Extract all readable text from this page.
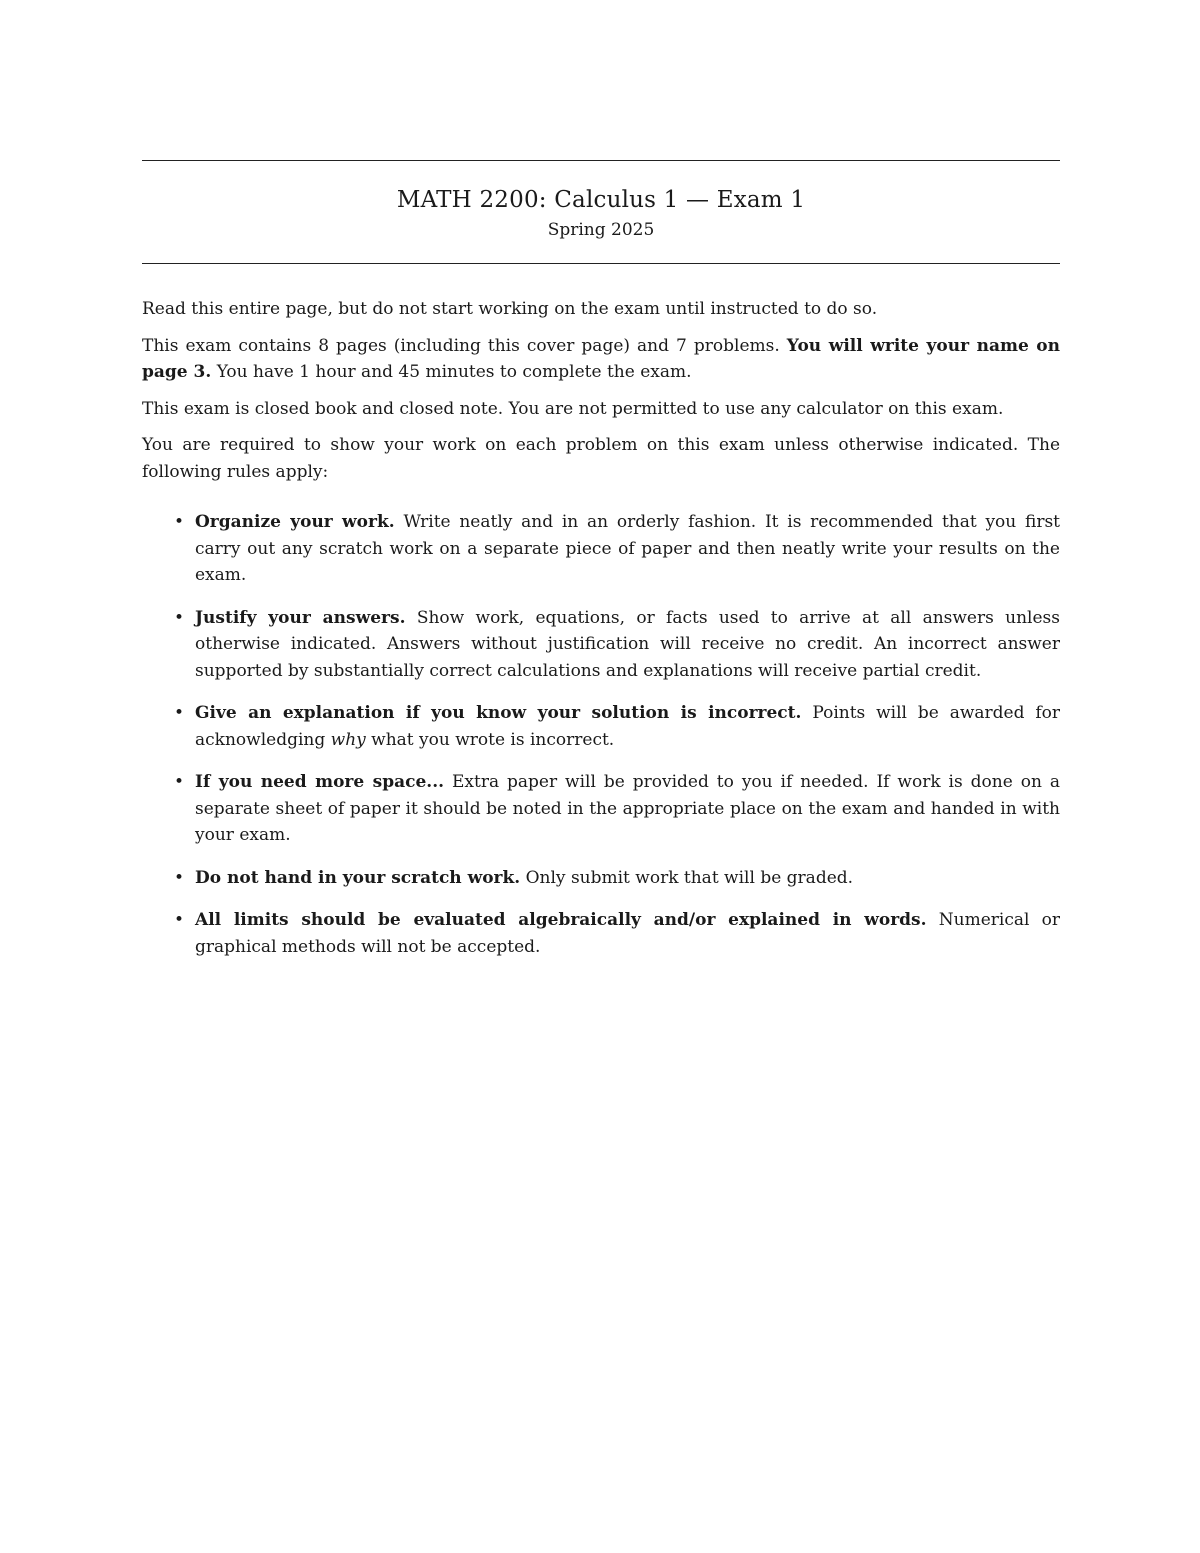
MATH 2200: Calculus 1 — Exam 1
Spring 2025

Read this entire page, but do not start working on the exam until instructed to do so.

This exam contains 8 pages (including this cover page) and 7 problems. You will write your name on page 3. You have 1 hour and 45 minutes to complete the exam.

This exam is closed book and closed note. You are not permitted to use any calculator on this exam.

You are required to show your work on each problem on this exam unless otherwise indicated. The following rules apply:

• Organize your work. Write neatly and in an orderly fashion. It is recommended that you first carry out any scratch work on a separate piece of paper and then neatly write your results on the exam.
• Justify your answers. Show work, equations, or facts used to arrive at all answers unless otherwise indicated. Answers without justification will receive no credit. An incorrect answer supported by substantially correct calculations and explanations will receive partial credit.
• Give an explanation if you know your solution is incorrect. Points will be awarded for acknowledging why what you wrote is incorrect.
• If you need more space... Extra paper will be provided to you if needed. If work is done on a separate sheet of paper it should be noted in the appropriate place on the exam and handed in with your exam.
• Do not hand in your scratch work. Only submit work that will be graded.
• All limits should be evaluated algebraically and/or explained in words. Numerical or graphical methods will not be accepted.
